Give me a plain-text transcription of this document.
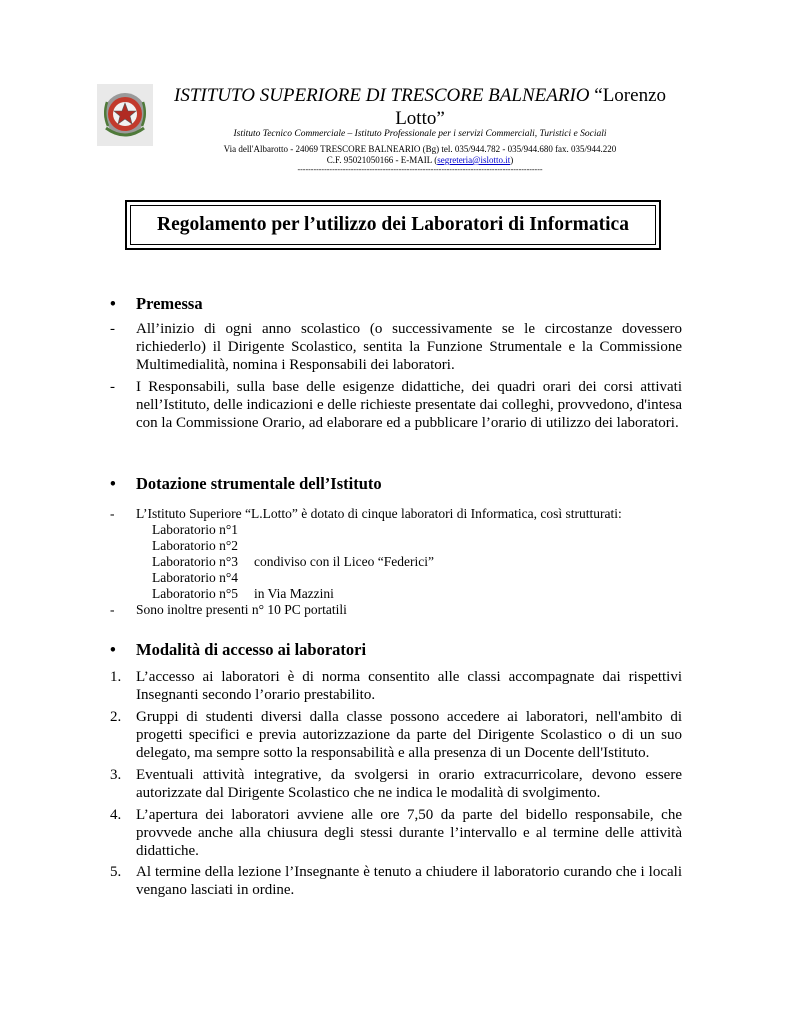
ISTITUTO SUPERIORE DI TRESCORE BALNEARIO “Lorenzo Lotto”
Istituto Tecnico Commerciale – Istituto Professionale per i servizi Commerciali, Turistici e Sociali
Via dell'Albarotto - 24069 TRESCORE BALNEARIO (Bg) tel. 035/944.782 - 035/944.680 fax. 035/944.220
C.F. 95021050166 - E-MAIL (segreteria@islotto.it)
--------------------------------------------------------------------------------------------
Regolamento per l’utilizzo dei Laboratori di Informatica
• Premessa
- All’inizio di ogni anno scolastico (o successivamente se le circostanze dovessero richiederlo) il Dirigente Scolastico, sentita la Funzione Strumentale e la Commissione Multimedialità, nomina i Responsabili dei laboratori.
- I Responsabili, sulla base delle esigenze didattiche, dei quadri orari dei corsi attivati nell’Istituto, delle indicazioni e delle richieste presentate dai colleghi, provvedono, d'intesa con la Commissione Orario, ad elaborare ed a pubblicare l’orario di utilizzo dei laboratori.
• Dotazione strumentale dell’Istituto
- L’Istituto Superiore “L.Lotto” è dotato di cinque laboratori di Informatica, così strutturati:
Laboratorio n°1
Laboratorio n°2
Laboratorio n°3 condiviso con il Liceo “Federici”
Laboratorio n°4
Laboratorio n°5 in Via Mazzini
- Sono inoltre presenti n° 10 PC portatili
• Modalità di accesso ai laboratori
1. L’accesso ai laboratori è di norma consentito alle classi accompagnate dai rispettivi Insegnanti secondo l’orario prestabilito.
2. Gruppi di studenti diversi dalla classe possono accedere ai laboratori, nell'ambito di progetti specifici e previa autorizzazione da parte del Dirigente Scolastico o di un suo delegato, ma sempre sotto la responsabilità e alla presenza di un Docente dell'Istituto.
3. Eventuali attività integrative, da svolgersi in orario extracurricolare, devono essere autorizzate dal Dirigente Scolastico che ne indica le modalità di svolgimento.
4. L’apertura dei laboratori avviene alle ore 7,50 da parte del bidello responsabile, che provvede anche alla chiusura degli stessi durante l’intervallo e al termine delle attività didattiche.
5. Al termine della lezione l’Insegnante è tenuto a chiudere il laboratorio curando che i locali vengano lasciati in ordine.
